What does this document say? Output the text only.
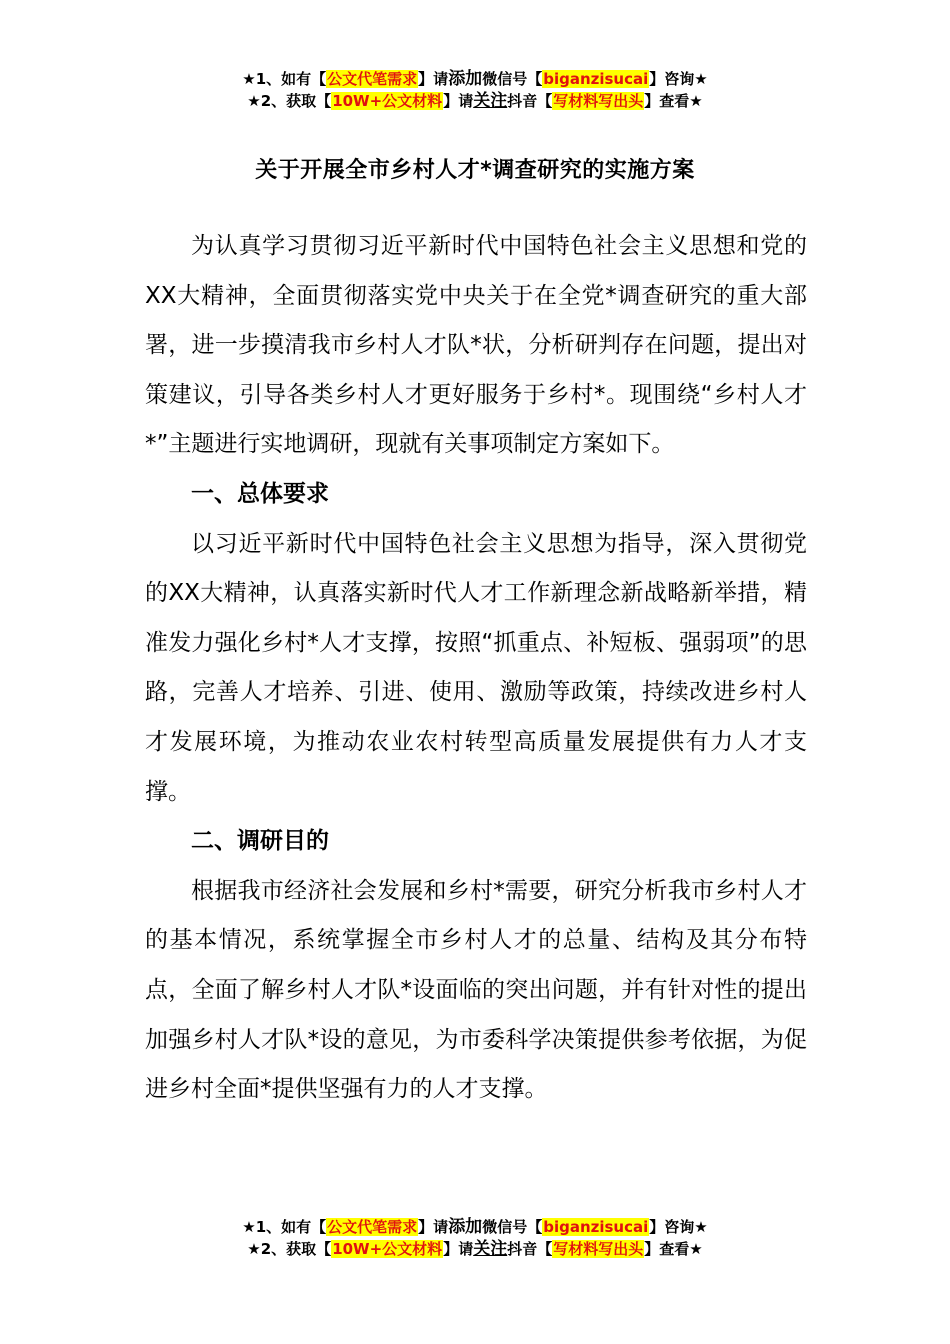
★1、如有【公文代笔需求】请添加微信号【biganzisucai】咨询★
★2、获取【10W+公文材料】请关注抖音【写材料写出头】查看★
关于开展全市乡村人才*调查研究的实施方案

为认真学习贯彻习近平新时代中国特色社会主义思想和党的XX大精神，全面贯彻落实党中央关于在全党*调查研究的重大部署，进一步摸清我市乡村人才队*状，分析研判存在问题，提出对策建议，引导各类乡村人才更好服务于乡村*。现围绕“乡村人才*”主题进行实地调研，现就有关事项制定方案如下。

一、总体要求

以习近平新时代中国特色社会主义思想为指导，深入贯彻党的XX大精神，认真落实新时代人才工作新理念新战略新举措，精准发力强化乡村*人才支撑，按照“抓重点、补短板、强弱项”的思路，完善人才培养、引进、使用、激励等政策，持续改进乡村人才发展环境，为推动农业农村转型高质量发展提供有力人才支撑。

二、调研目的

根据我市经济社会发展和乡村*需要，研究分析我市乡村人才的基本情况，系统掌握全市乡村人才的总量、结构及其分布特点，全面了解乡村人才队*设面临的突出问题，并有针对性的提出加强乡村人才队*设的意见，为市委科学决策提供参考依据，为促进乡村全面*提供坚强有力的人才支撑。

★1、如有【公文代笔需求】请添加微信号【biganzisucai】咨询★
★2、获取【10W+公文材料】请关注抖音【写材料写出头】查看★
